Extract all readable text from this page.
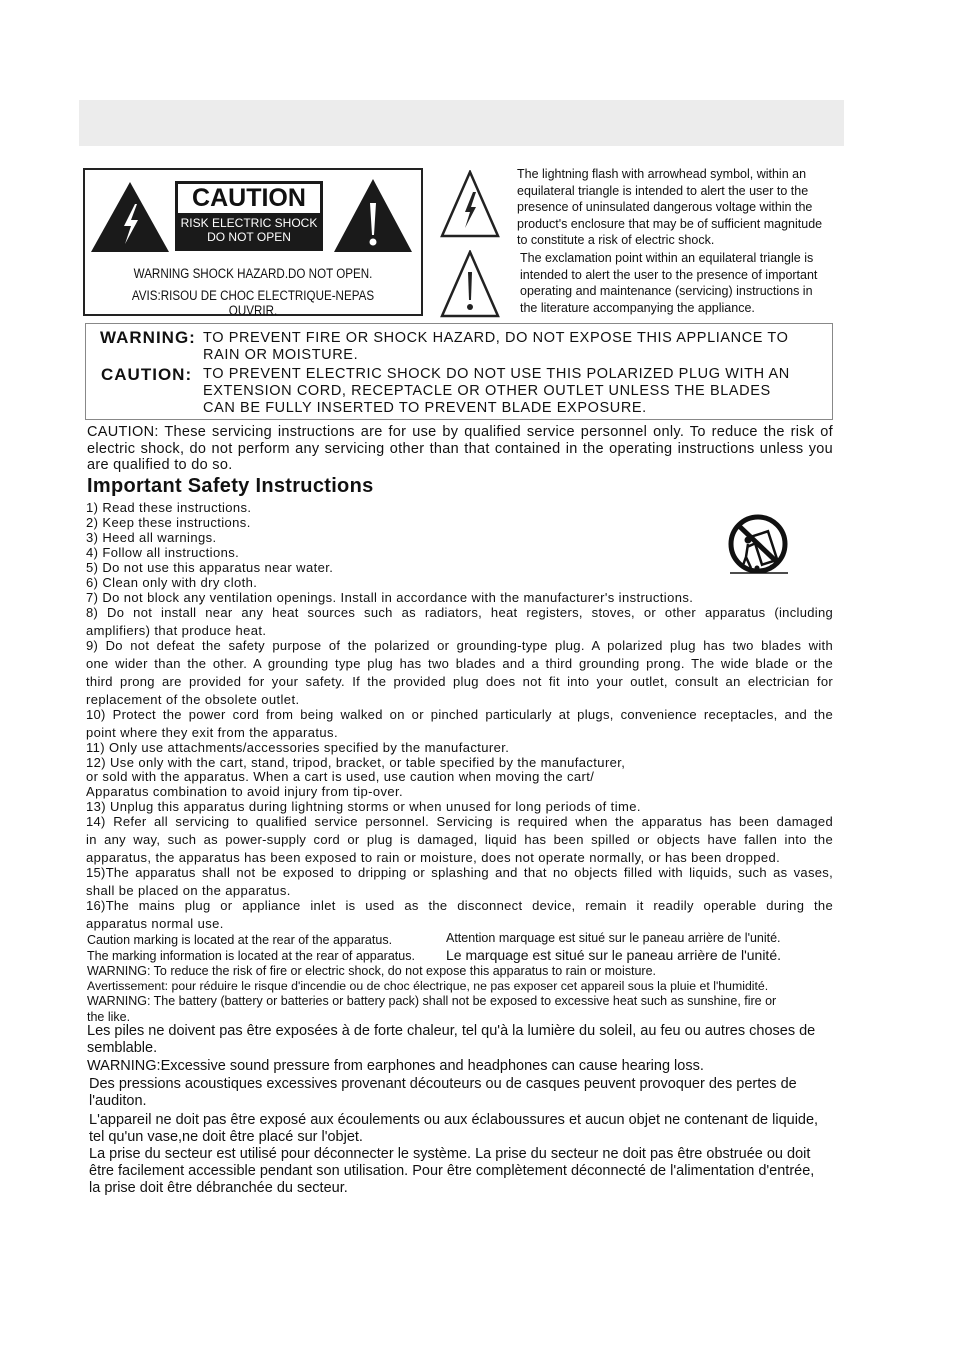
CAUTION
RISK ELECTRIC SHOCK
DO NOT OPEN
WARNING SHOCK HAZARD.DO NOT OPEN.
AVIS:RISOU DE CHOC ELECTRIQUE-NEPAS OUVRIR.
The lightning flash with arrowhead symbol, within an
equilateral triangle is intended to alert the user to the
presence of uninsulated dangerous voltage within the
product's enclosure that may be of sufficient magnitude
to constitute a risk of electric shock.
The exclamation point within an equilateral triangle is
intended to alert the user to the presence of important
operating and maintenance (servicing) instructions in
the literature accompanying the appliance.
WARNING: TO PREVENT FIRE OR SHOCK HAZARD, DO NOT EXPOSE THIS APPLIANCE TO
RAIN OR MOISTURE.
CAUTION: TO PREVENT ELECTRIC SHOCK DO NOT USE THIS POLARIZED PLUG WITH AN
EXTENSION CORD, RECEPTACLE OR OTHER OUTLET UNLESS THE BLADES
CAN BE FULLY INSERTED TO PREVENT BLADE EXPOSURE.
CAUTION: These servicing instructions are for use by qualified service personnel only. To reduce the risk of electric shock, do not perform any servicing other than that contained in the operating instructions unless you are qualified to do so.
Important Safety Instructions
1) Read these instructions.
2) Keep these instructions.
3) Heed all warnings.
4) Follow all instructions.
5) Do not use this apparatus near water.
6) Clean only with dry cloth.
7) Do not block any ventilation openings. Install in accordance with the manufacturer's instructions.
8) Do not install near any heat sources such as radiators, heat registers, stoves, or other apparatus (including
amplifiers) that produce heat.
9) Do not defeat the safety purpose of the polarized or grounding-type plug. A polarized plug has two blades with
one wider than the other. A grounding type plug has two blades and a third grounding prong. The wide blade or the
third prong are provided for your safety. If the provided plug does not fit into your outlet, consult an electrician for
replacement of the obsolete outlet.
10) Protect the power cord from being walked on or pinched particularly at plugs, convenience receptacles, and the
point where they exit from the apparatus.
11) Only use attachments/accessories specified by the manufacturer.
12) Use only with the cart, stand, tripod, bracket, or table specified by the manufacturer,
or sold with the apparatus. When a cart is used, use caution when moving the cart/
Apparatus combination to avoid injury from tip-over.
13) Unplug this apparatus during lightning storms or when unused for long periods of time.
14) Refer all servicing to qualified service personnel. Servicing is required when the apparatus has been damaged
in any way, such as power-supply cord or plug is damaged, liquid has been spilled or objects have fallen into the
apparatus, the apparatus has been exposed to rain or moisture, does not operate normally, or has been dropped.
15)The apparatus shall not be exposed to dripping or splashing and that no objects filled with liquids, such as vases,
shall be placed on the apparatus.
16)The mains plug or appliance inlet is used as the disconnect device, remain it readily operable during the
apparatus normal use.
Caution marking is located at the rear of the apparatus.	Attention marquage est situé sur le paneau arrière de l'unité.
The marking information is located at the rear of apparatus. Le marquage est situé sur le paneau arrière de l'unité.
WARNING: To reduce the risk of fire or electric shock, do not expose this apparatus to rain or moisture.
Avertissement: pour réduire le risque d'incendie ou de choc électrique, ne pas exposer cet appareil sous la pluie et l'humidité.
WARNING: The battery (battery or batteries or battery pack) shall not be exposed to excessive heat such as sunshine, fire or
the like.
Les piles ne doivent pas être exposées à de forte chaleur, tel qu'à la lumière du soleil, au feu ou autres choses de
semblable.
WARNING:Excessive sound pressure from earphones and headphones can cause hearing loss.
Des pressions acoustiques excessives provenant découteurs ou de casques peuvent provoquer des pertes de
l'auditon.
L'appareil ne doit pas être exposé aux écoulements ou aux éclaboussures et aucun objet ne contenant de liquide,
tel qu'un vase,ne doit être placé sur l'objet.
La prise du secteur est utilisé pour déconnecter le système. La prise du secteur ne doit pas être obstruée ou doit
être facilement accessible pendant son utilisation. Pour être complètement déconnecté de l'alimentation d'entrée,
la prise doit être débranchée du secteur.
